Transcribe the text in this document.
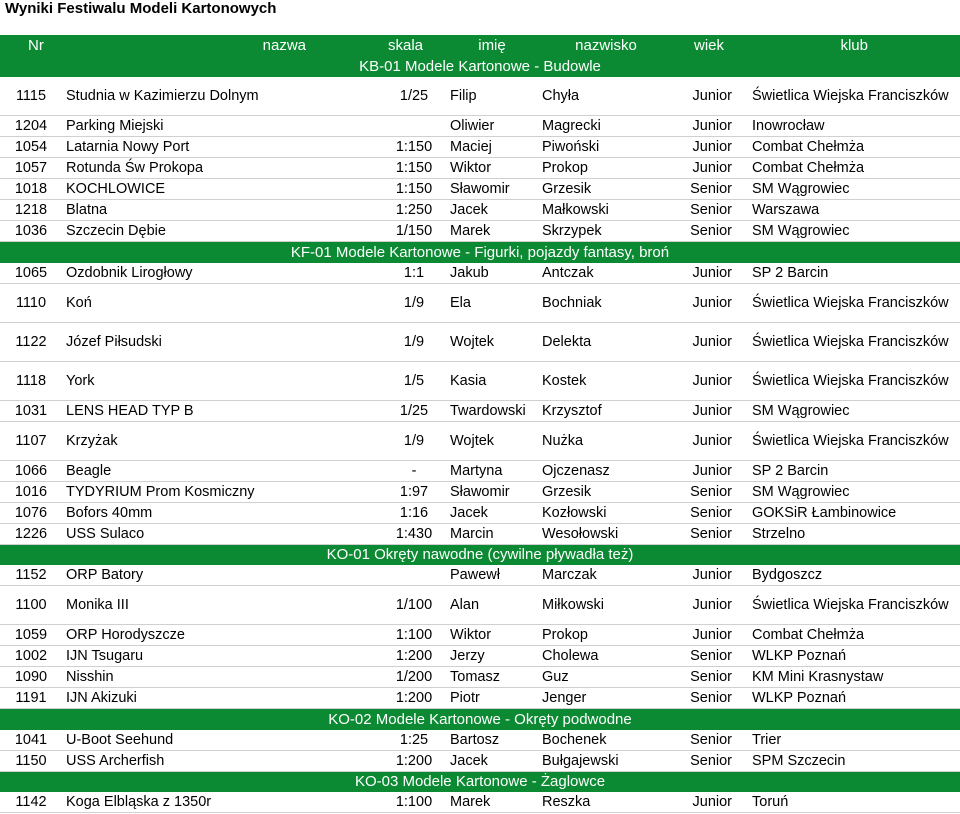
Wyniki Festiwalu Modeli Kartonowych
Nr	nazwa	skala	imię	nazwisko	wiek	klub
KB-01 Modele Kartonowe - Budowle						
1115	Studnia w Kazimierzu Dolnym	1/25	Filip	Chyła	Junior	Świetlica Wiejska Franciszków
1204	Parking Miejski		Oliwier	Magrecki	Junior	Inowrocław
1054	Latarnia Nowy Port	1:150	Maciej	Piwoński	Junior	Combat Chełmża
1057	Rotunda Św Prokopa	1:150	Wiktor	Prokop	Junior	Combat Chełmża
1018	KOCHLOWICE	1:150	Sławomir	Grzesik	Senior	SM Wągrowiec
1218	Blatna	1:250	Jacek	Małkowski	Senior	Warszawa
1036	Szczecin Dębie	1/150	Marek	Skrzypek	Senior	SM Wągrowiec
KF-01 Modele Kartonowe - Figurki, pojazdy fantasy, broń						
1065	Ozdobnik Lirogłowy	1:1	Jakub	Antczak	Junior	SP 2 Barcin
1110	Koń	1/9	Ela	Bochniak	Junior	Świetlica Wiejska Franciszków
1122	Józef Piłsudski	1/9	Wojtek	Delekta	Junior	Świetlica Wiejska Franciszków
1118	York	1/5	Kasia	Kostek	Junior	Świetlica Wiejska Franciszków
1031	LENS HEAD TYP B	1/25	Twardowski	Krzysztof	Junior	SM Wągrowiec
1107	Krzyżak	1/9	Wojtek	Nużka	Junior	Świetlica Wiejska Franciszków
1066	Beagle	-	Martyna	Ojczenasz	Junior	SP 2 Barcin
1016	TYDYRIUM Prom Kosmiczny	1:97	Sławomir	Grzesik	Senior	SM Wągrowiec
1076	Bofors 40mm	1:16	Jacek	Kozłowski	Senior	GOKSiR Łambinowice
1226	USS Sulaco	1:430	Marcin	Wesołowski	Senior	Strzelno
KO-01 Okręty nawodne (cywilne pływadła też)						
1152	ORP Batory		Pawewł	Marczak	Junior	Bydgoszcz
1100	Monika III	1/100	Alan	Miłkowski	Junior	Świetlica Wiejska Franciszków
1059	ORP Horodyszcze	1:100	Wiktor	Prokop	Junior	Combat Chełmża
1002	IJN Tsugaru	1:200	Jerzy	Cholewa	Senior	WLKP Poznań
1090	Nisshin	1/200	Tomasz	Guz	Senior	KM Mini Krasnystaw
1191	IJN Akizuki	1:200	Piotr	Jenger	Senior	WLKP Poznań
KO-02 Modele Kartonowe - Okręty podwodne						
1041	U-Boot Seehund	1:25	Bartosz	Bochenek	Senior	Trier
1150	USS Archerfish	1:200	Jacek	Bułgajewski	Senior	SPM Szczecin
KO-03 Modele Kartonowe - Żaglowce						
1142	Koga Elbląska z 1350r	1:100	Marek	Reszka	Junior	Toruń
